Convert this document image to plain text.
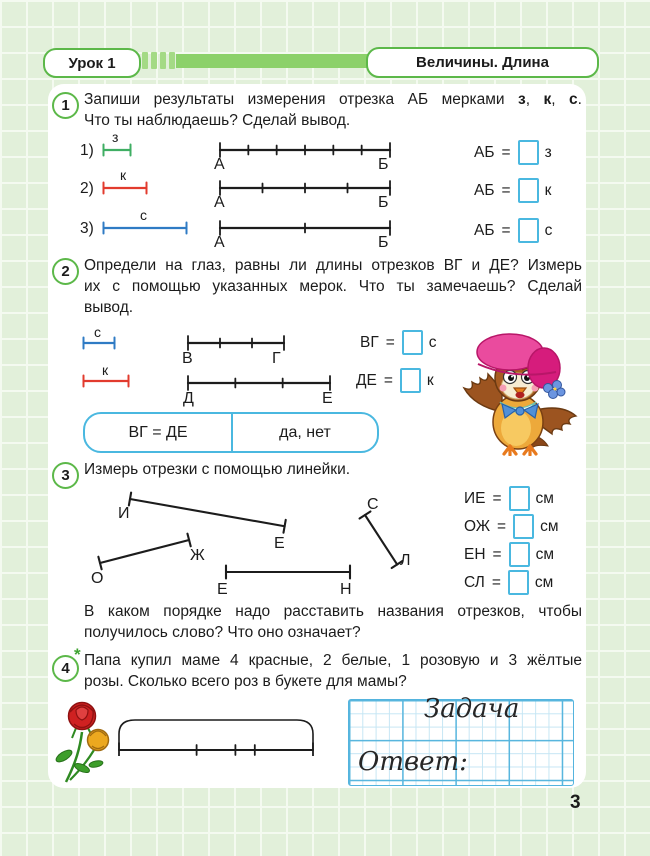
Урок 1	Величины. Длина
1 Запиши результаты измерения отрезка АБ мерками з, к, с.
Что ты наблюдаешь? Сделай вывод.
1)
з
А	Б
АБ = з
2)
к
А	Б
АБ = к
3)
с
А	Б
АБ = с
2 Определи на глаз, равны ли длины отрезков ВГ и ДЕ? Измерь
их с помощью указанных мерок. Что ты замечаешь? Сделай
вывод.
с
к
В	Г
Д	Е
ВГ = с
ДЕ = к
ВГ = ДЕ	да, нет
3 Измерь отрезки с помощью линейки.
И
Е
О
Ж
Е	Н
С
Л
ИЕ = см
ОЖ = см
ЕН = см
СЛ = см
В каком порядке надо расставить названия отрезков, чтобы
получилось слово? Что оно означает?
4
* Папа купил маме 4 красные, 2 белые, 1 розовую и 3 жёлтые
розы. Сколько всего роз в букете для мамы?
Задача
Ответ:
3
